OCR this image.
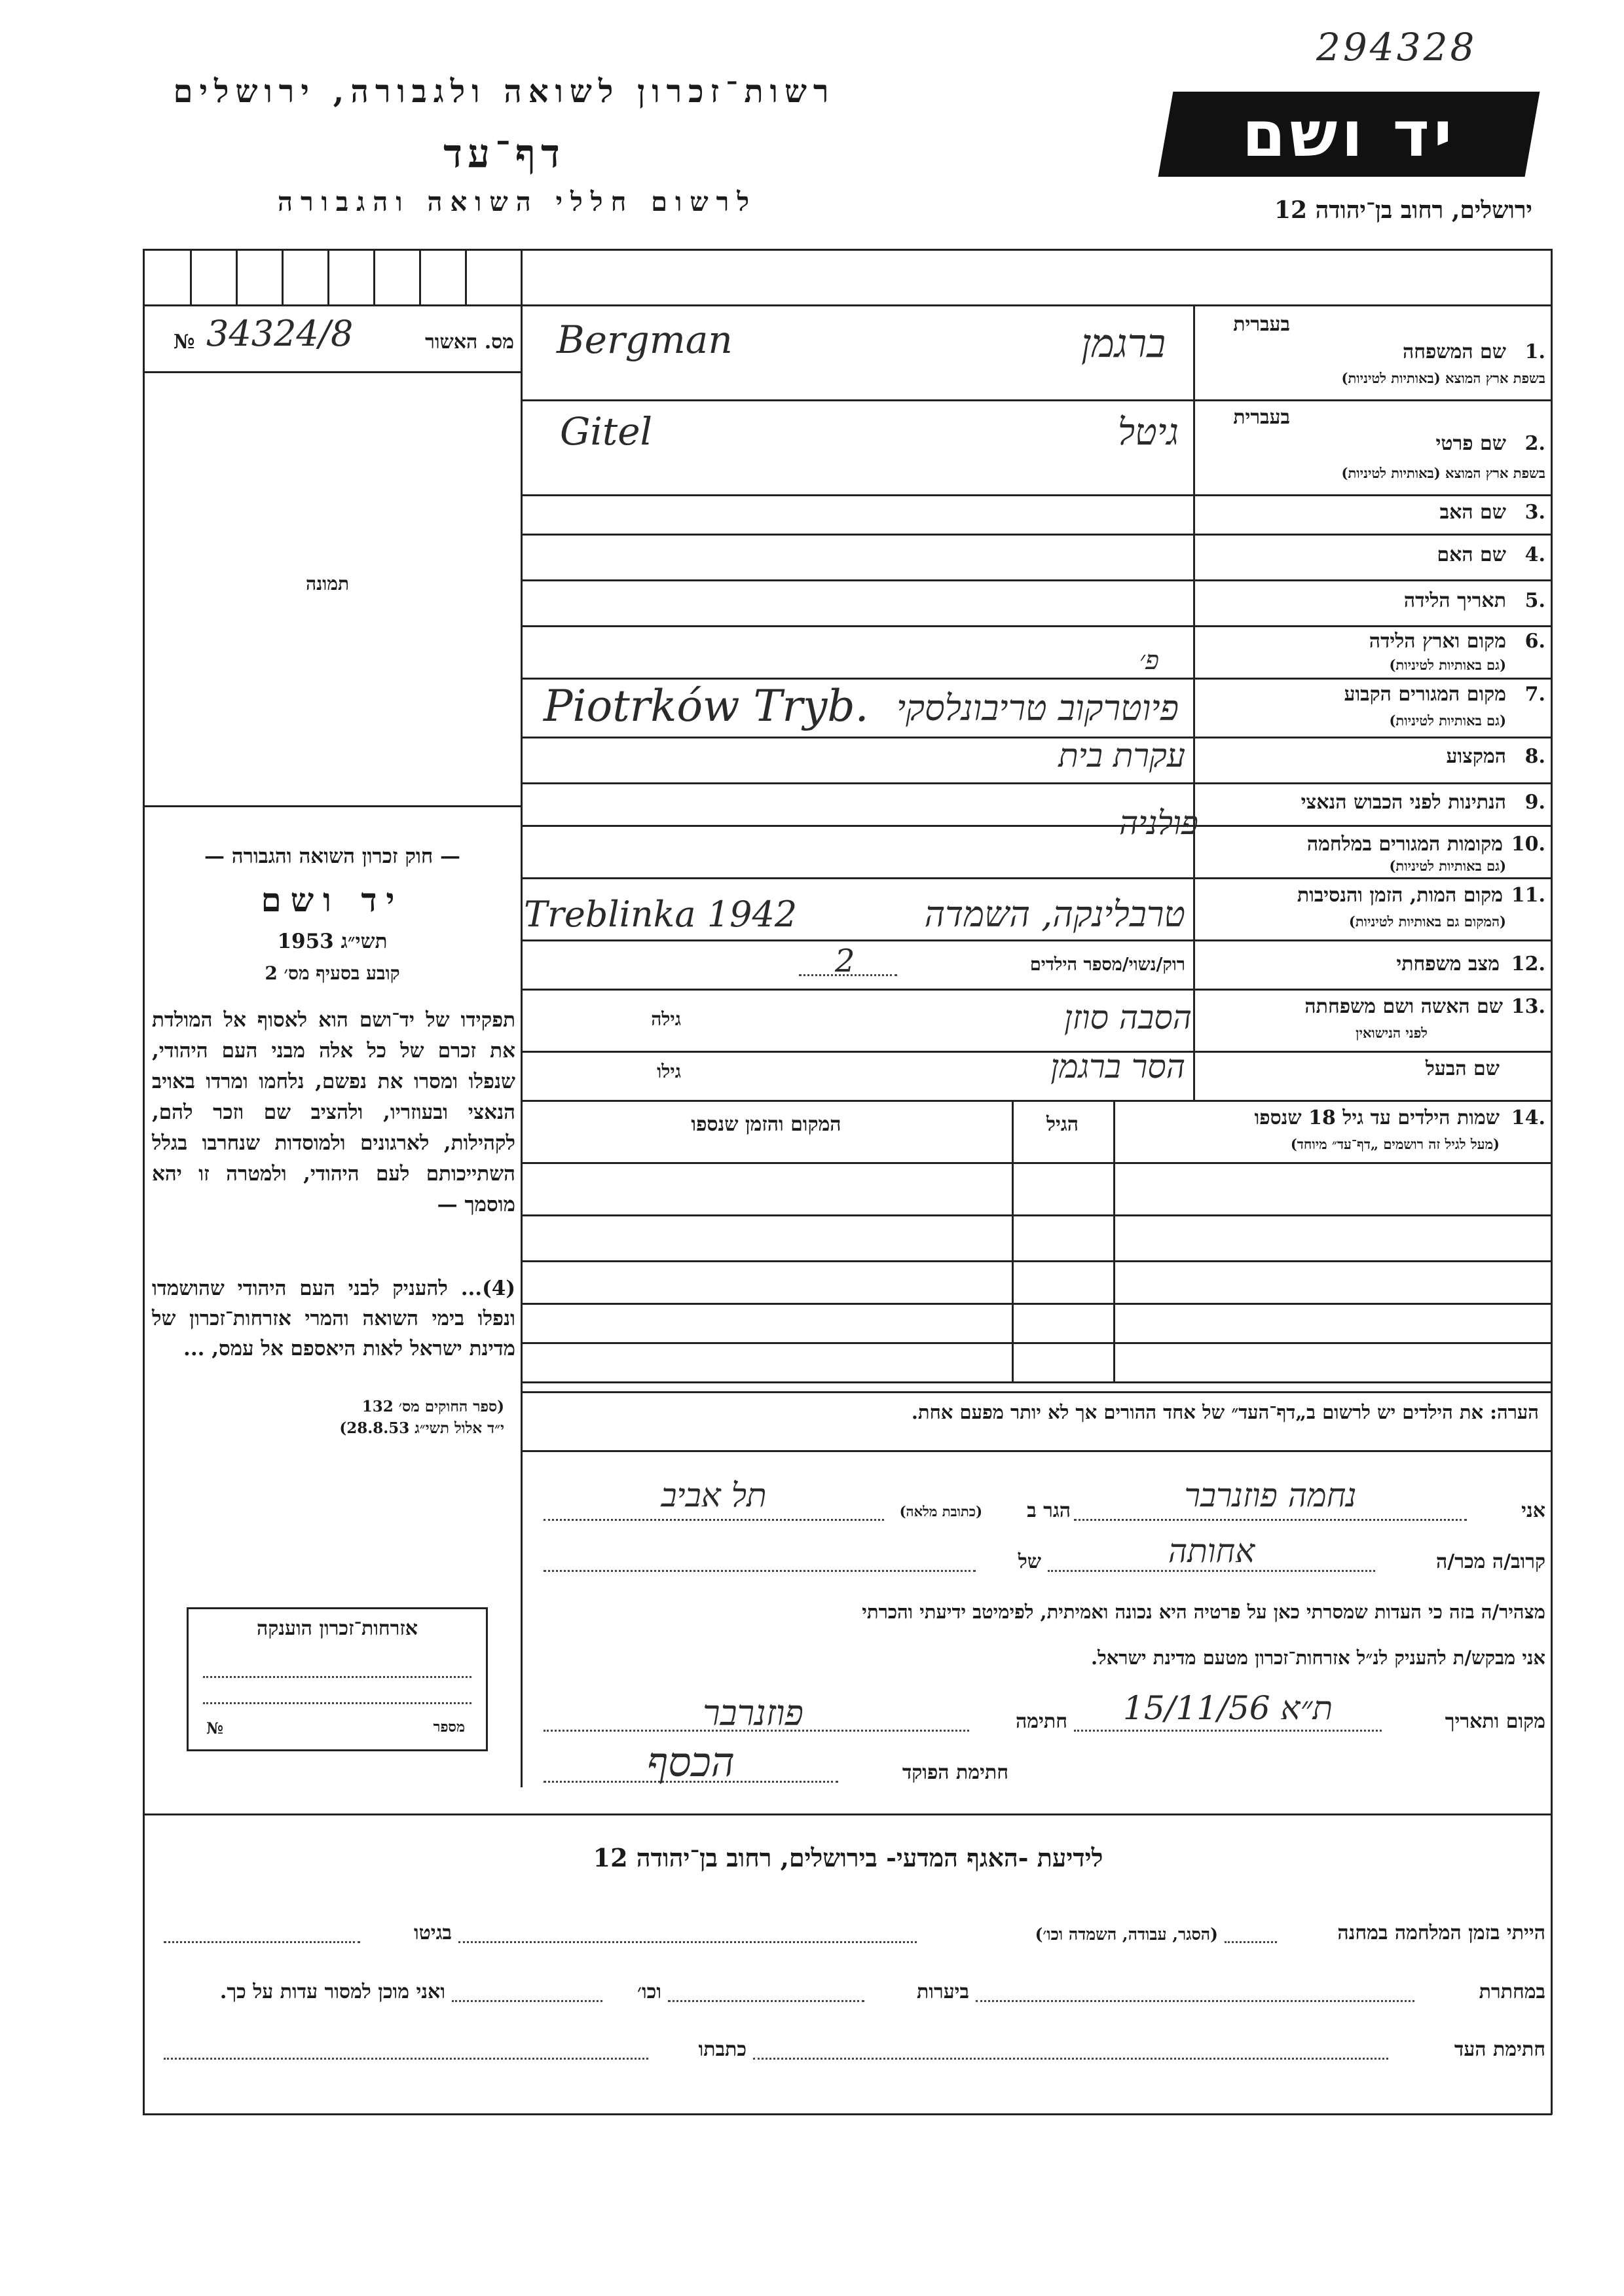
294328
רשות־זכרון לשואה ולגבורה, ירושלים
דף־עד
לרשום חללי השואה והגבורה
יד ושם
ירושלים, רחוב בן־יהודה 12
№ 34324/8	מס. האשור
תמונה
— חוק זכרון השואה והגבורה —
יד ושם
תשי״ג 1953
קובע בסעיף מס׳ 2
תפקידו של יד־ושם הוא לאסוף אל המולדת את זכרם של כל אלה מבני העם היהודי, שנפלו ומסרו את נפשם, נלחמו ומרדו באויב הנאצי ובעוזריו, ולהציב שם וזכר להם, לקהילות, לארגונים ולמוסדות שנחרבו בגלל השתייכותם לעם היהודי, ולמטרה זו יהא מוסמך —
(4)... להעניק לבני העם היהודי שהושמדו ונפלו בימי השואה והמרי אזרחות־זכרון של מדינת ישראל לאות היאספם אל עמס, ...
(ספר החוקים מס׳ 132
י״ד אלול תשי״ג 28.8.53)
אזרחות־זכרון הוענקה
№	מספר
בעברית
1.
שם המשפחה
בשפת ארץ המוצא (באותיות לטיניות)
Bergman	ברגמן
בעברית
2.
שם פרטי
בשפת ארץ המוצא (באותיות לטיניות)
Gitel	גיטל
3.
שם האב
4.
שם האם
5.
תאריך הלידה
6.
מקום וארץ הלידה
(גם באותיות לטיניות)
פ׳
7.
מקום המגורים הקבוע
(גם באותיות לטיניות)
Piotrków Tryb. פיוטרקוב טריבונלסקי
8.
המקצוע
עקרת בית
9.
הנתינות לפני הכבוש הנאצי
פולניה
10.
מקומות המגורים במלחמה
(גם באותיות לטיניות)
11.
מקום המות, הזמן והנסיבות
(המקום גם באותיות לטיניות)
Treblinka 1942	טרבלינקה, השמדה
12.
מצב משפחתי
רוק/נשוי/מספר הילדים
2
13.
שם האשה ושם משפחתה
לפני הנישואין
גילה	הסבה סוזן
שם הבעל
גילו	הסר ברגמן
14.
שמות הילדים עד גיל 18 שנספו
(מעל לגיל זה רושמים „דף־עד״ מיוחד)
הגיל
המקום והזמן שנספו
הערה: את הילדים יש לרשום ב„דף־העד״ של אחד ההורים אך לא יותר מפעם אחת.
אני
נחמה פוזנרבר
הגר ב
(כתובת מלאה)
תל אביב
קרוב/ה מכר/ה
אחותה
של
מצהיר/ה בזה כי העדות שמסרתי כאן על פרטיה היא נכונה ואמיתית, לפימיטב ידיעתי והכרתי
אני מבקש/ת להעניק לנ״ל אזרחות־זכרון מטעם מדינת ישראל.
מקום ותאריך
ת״א 15/11/56
חתימה
פוזנרבר
חתימת הפוקד
הכסף
לידיעת -האגף המדעי- בירושלים, רחוב בן־יהודה 12
הייתי בזמן המלחמה במחנה
(הסגר, עבודה, השמדה וכו׳)
בגיטו
במחתרת
ביערות
וכו׳
ואני מוכן למסור עדות על כך.
חתימת העד
כתבתו
